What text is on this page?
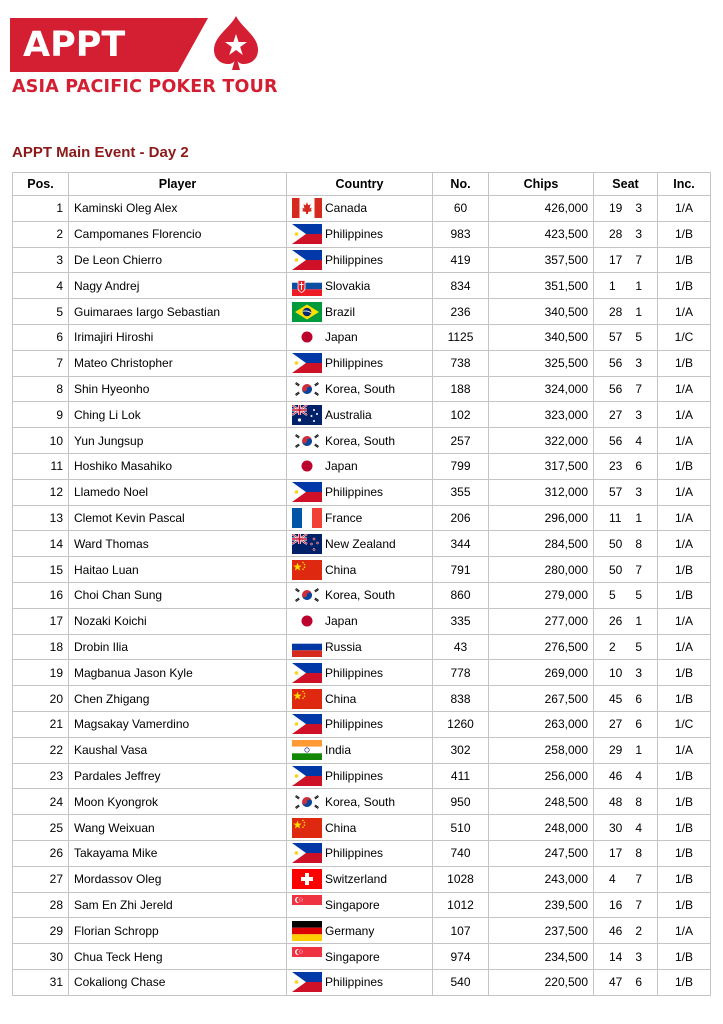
APPT
ASIA PACIFIC POKER TOUR
APPT Main Event - Day 2
Pos.	Player	Country	No.	Chips	Seat	Inc.
1	Kaminski Oleg Alex	Canada	60	426,000	19 3	1/A
2	Campomanes Florencio	Philippines	983	423,500	28 3	1/B
3	De Leon Chierro	Philippines	419	357,500	17 7	1/B
4	Nagy Andrej	Slovakia	834	351,500	1 1	1/B
5	Guimaraes Iargo Sebastian	Brazil	236	340,500	28 1	1/A
6	Irimajiri Hiroshi	Japan	1125	340,500	57 5	1/C
7	Mateo Christopher	Philippines	738	325,500	56 3	1/B
8	Shin Hyeonho	Korea, South	188	324,000	56 7	1/A
9	Ching Li Lok	Australia	102	323,000	27 3	1/A
10	Yun Jungsup	Korea, South	257	322,000	56 4	1/A
11	Hoshiko Masahiko	Japan	799	317,500	23 6	1/B
12	Llamedo Noel	Philippines	355	312,000	57 3	1/A
13	Clemot Kevin Pascal	France	206	296,000	11 1	1/A
14	Ward Thomas	New Zealand	344	284,500	50 8	1/A
15	Haitao Luan	China	791	280,000	50 7	1/B
16	Choi Chan Sung	Korea, South	860	279,000	5 5	1/B
17	Nozaki Koichi	Japan	335	277,000	26 1	1/A
18	Drobin Ilia	Russia	43	276,500	2 5	1/A
19	Magbanua Jason Kyle	Philippines	778	269,000	10 3	1/B
20	Chen Zhigang	China	838	267,500	45 6	1/B
21	Magsakay Vamerdino	Philippines	1260	263,000	27 6	1/C
22	Kaushal Vasa	India	302	258,000	29 1	1/A
23	Pardales Jeffrey	Philippines	411	256,000	46 4	1/B
24	Moon Kyongrok	Korea, South	950	248,500	48 8	1/B
25	Wang Weixuan	China	510	248,000	30 4	1/B
26	Takayama Mike	Philippines	740	247,500	17 8	1/B
27	Mordassov Oleg	Switzerland	1028	243,000	4 7	1/B
28	Sam En Zhi Jereld	Singapore	1012	239,500	16 7	1/B
29	Florian Schropp	Germany	107	237,500	46 2	1/A
30	Chua Teck Heng	Singapore	974	234,500	14 3	1/B
31	Cokaliong Chase	Philippines	540	220,500	47 6	1/B
